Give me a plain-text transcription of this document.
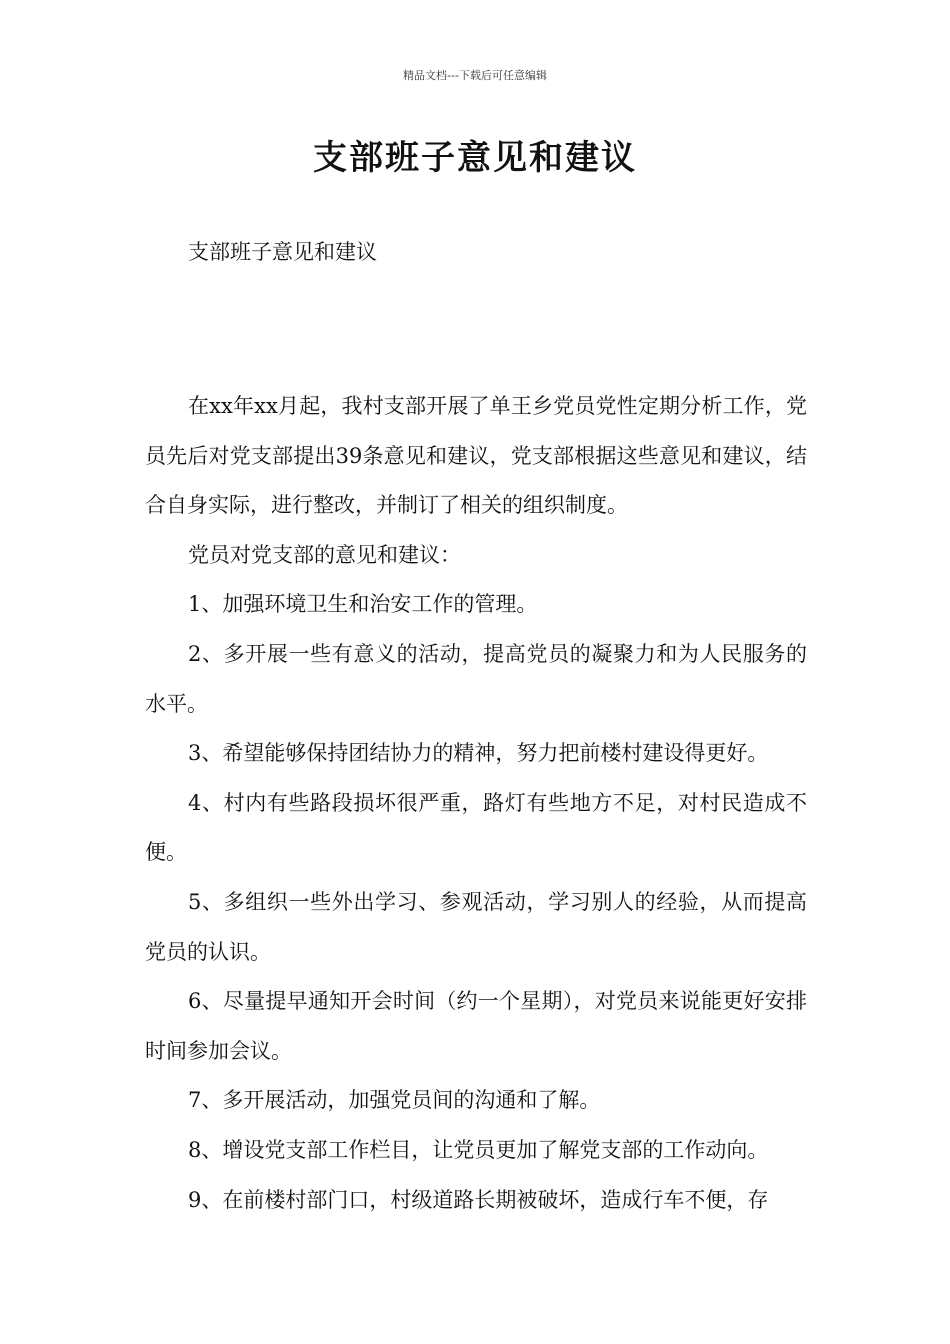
精品文档---下载后可任意编辑
支部班子意见和建议

支部班子意见和建议

在xx年xx月起，我村支部开展了单王乡党员党性定期分析工作，党员先后对党支部提出39条意见和建议，党支部根据这些意见和建议，结合自身实际，进行整改，并制订了相关的组织制度。

党员对党支部的意见和建议：

1、加强环境卫生和治安工作的管理。

2、多开展一些有意义的活动，提高党员的凝聚力和为人民服务的水平。

3、希望能够保持团结协力的精神，努力把前楼村建设得更好。

4、村内有些路段损坏很严重，路灯有些地方不足，对村民造成不便。

5、多组织一些外出学习、参观活动，学习别人的经验，从而提高党员的认识。

6、尽量提早通知开会时间（约一个星期），对党员来说能更好安排时间参加会议。

7、多开展活动，加强党员间的沟通和了解。

8、增设党支部工作栏目，让党员更加了解党支部的工作动向。

9、在前楼村部门口，村级道路长期被破坏，造成行车不便，存
